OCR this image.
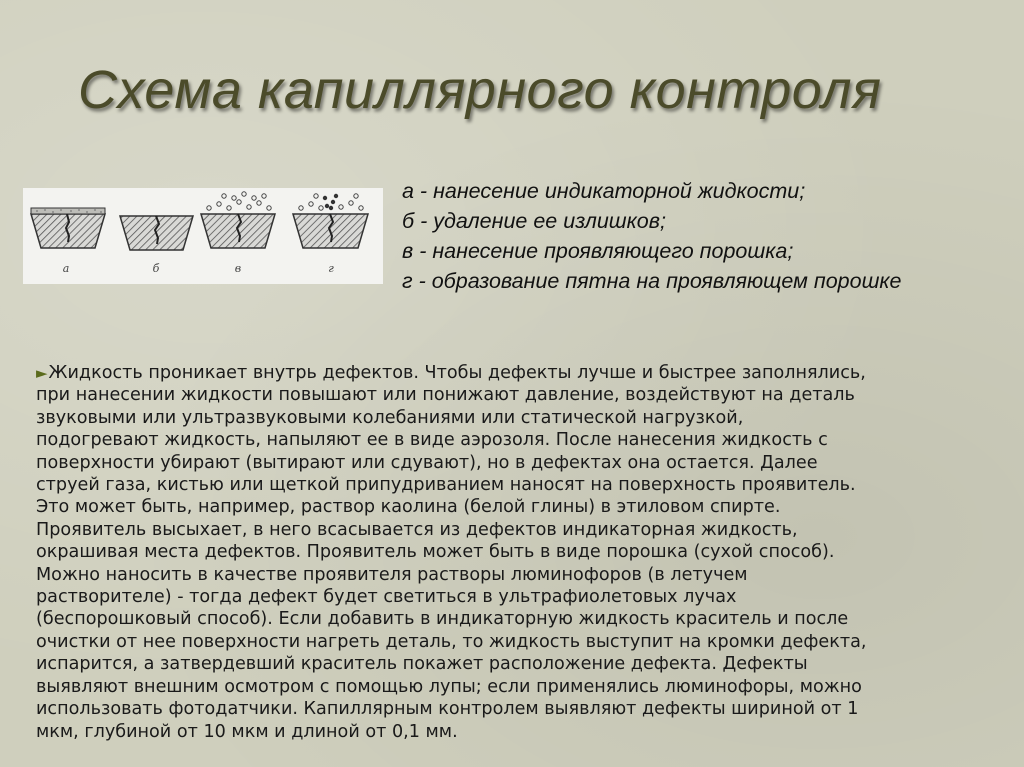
Схема капиллярного контроля
а	б	в	г
а - нанесение индикаторной жидкости;
б - удаление ее излишков;
в - нанесение проявляющего порошка;
г - образование пятна на проявляющем порошке
►Жидкость проникает внутрь дефектов. Чтобы дефекты лучше и быстрее заполнялись,
при нанесении жидкости повышают или понижают давление, воздействуют на деталь
звуковыми или ультразвуковыми колебаниями или статической нагрузкой,
подогревают жидкость, напыляют ее в виде аэрозоля. После нанесения жидкость с
поверхности убирают (вытирают или сдувают), но в дефектах она остается. Далее
струей газа, кистью или щеткой припудриванием наносят на поверхность проявитель.
Это может быть, например, раствор каолина (белой глины) в этиловом спирте.
Проявитель высыхает, в него всасывается из дефектов индикаторная жидкость,
окрашивая места дефектов. Проявитель может быть в виде порошка (сухой способ).
Можно наносить в качестве проявителя растворы люминофоров (в летучем
растворителе) - тогда дефект будет светиться в ультрафиолетовых лучах
(беспорошковый способ). Если добавить в индикаторную жидкость краситель и после
очистки от нее поверхности нагреть деталь, то жидкость выступит на кромки дефекта,
испарится, а затвердевший краситель покажет расположение дефекта. Дефекты
выявляют внешним осмотром с помощью лупы; если применялись люминофоры, можно
использовать фотодатчики. Капиллярным контролем выявляют дефекты шириной от 1
мкм, глубиной от 10 мкм и длиной от 0,1 мм.
